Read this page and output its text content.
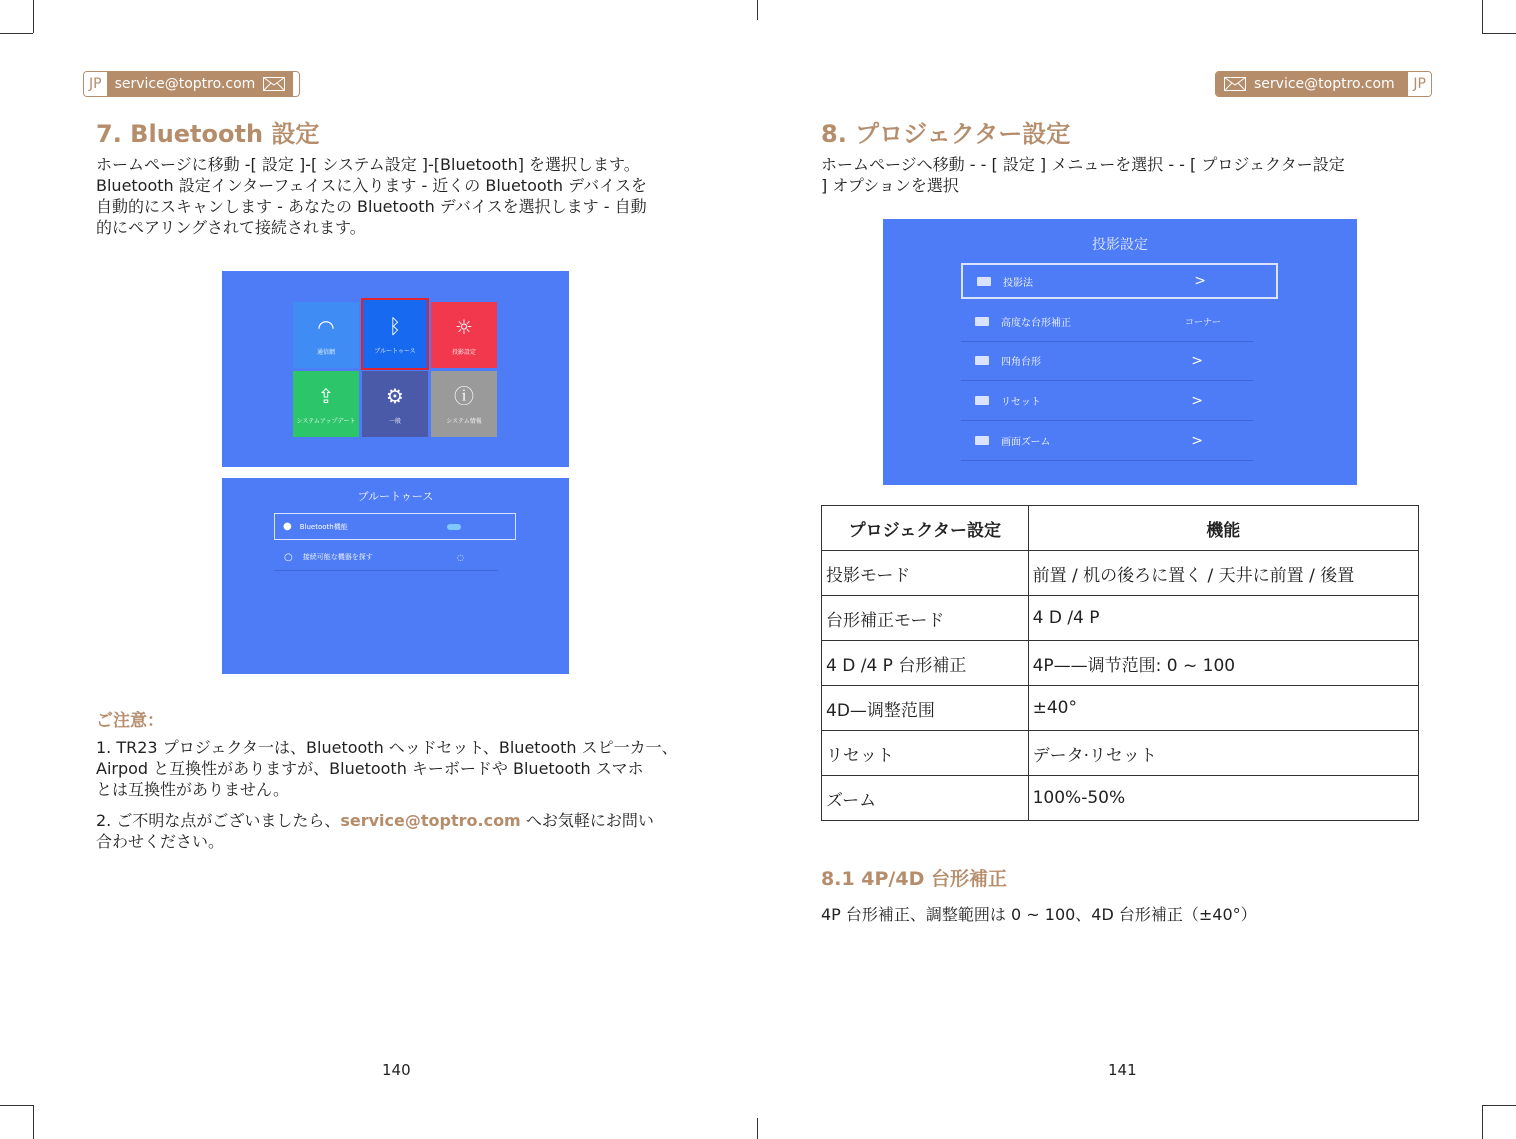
JP service@toptro.com
7. Bluetooth 設定

ホームページに移動 -[ 設定 ]-[ システム設定 ]-[Bluetooth] を選択します。
Bluetooth 設定インターフェイスに入ります - 近くの Bluetooth デバイスを
自動的にスキャンします - あなたの Bluetooth デバイスを選択します - 自動
的にペアリングされて接続されます。

◠
通信網
ᛒ
ブルートゥース
☼
投影設定
⇪
システムアップデート
⚙
一般
ⓘ
システム情報
ブルートゥース
● Bluetooth機能
○ 接続可能な機器を探す	◌
ご注意：

1. TR23 プロジェクタ一は、Bluetooth ヘッドセット、Bluetooth スピ一カ一、
Airpod と互換性がありますが、Bluetooth キーボードや Bluetooth スマホ
とは互換性がありません。

2. ご不明な点がございましたら、service@toptro.com へお気軽にお問い
合わせください。

140
service@toptro.com	JP
8. プロジェクター設定

ホームページへ移動 - - [ 設定 ] メニューを選択 - - [ プロジェクター設定
] オプションを選択

投影設定
投影法	>
高度な台形補正	コーナー
四角台形	>
リセット	>
画面ズーム	>
プロジェクター設定	機能
投影モード	前置 / 机の後ろに置く / 天井に前置 / 後置
台形補正モード	4 D /4 P
4 D /4 P 台形補正	4P——调节范围: 0 ~ 100
4D—调整范围	±40°
リセット	データ·リセット
ズーム	100%-50%
8.1 4P/4D 台形補正
4P 台形補正、調整範囲は 0 ~ 100、4D 台形補正（±40°）
141
